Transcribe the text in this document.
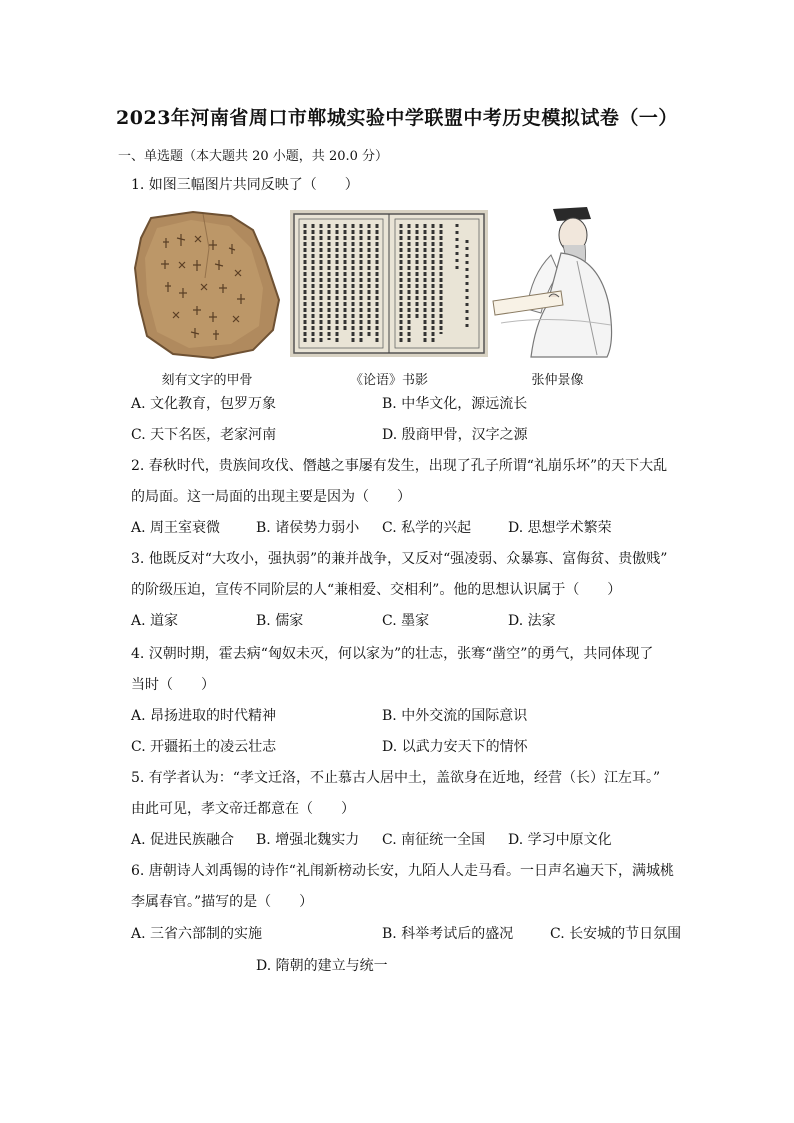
2023年河南省周口市郸城实验中学联盟中考历史模拟试卷（一）
一、单选题（本大题共 20 小题，共 20.0 分）
1. 如图三幅图片共同反映了（　　）
刻有文字的甲骨	《论语》书影	张仲景像
A. 文化教育，包罗万象	B. 中华文化，源远流长
C. 天下名医，老家河南	D. 殷商甲骨，汉字之源
2. 春秋时代，贵族间攻伐、僭越之事屡有发生，出现了孔子所谓“礼崩乐坏”的天下大乱
的局面。这一局面的出现主要是因为（　　）
A. 周王室衰微	B. 诸侯势力弱小 C. 私学的兴起	D. 思想学术繁荣
3. 他既反对“大攻小，强执弱”的兼并战争，又反对“强凌弱、众暴寡、富侮贫、贵傲贱”
的阶级压迫，宣传不同阶层的人“兼相爱、交相利”。他的思想认识属于（　　）
A. 道家	B. 儒家	C. 墨家	D. 法家
4. 汉朝时期，霍去病“匈奴未灭，何以家为”的壮志，张骞“凿空”的勇气，共同体现了
当时（　　）
A. 昂扬进取的时代精神	B. 中外交流的国际意识
C. 开疆拓土的凌云壮志	D. 以武力安天下的情怀
5. 有学者认为：“孝文迁洛，不止慕古人居中土，盖欲身在近地，经营（长）江左耳。”
由此可见，孝文帝迁都意在（　　）
A. 促进民族融合 B. 增强北魏实力 C. 南征统一全国 D. 学习中原文化
6. 唐朝诗人刘禹锡的诗作“礼闱新榜动长安，九陌人人走马看。一日声名遍天下，满城桃
李属春官。”描写的是（　　）
A. 三省六部制的实施	B. 科举考试后的盛况	C. 长安城的节日氛围
D. 隋朝的建立与统一
